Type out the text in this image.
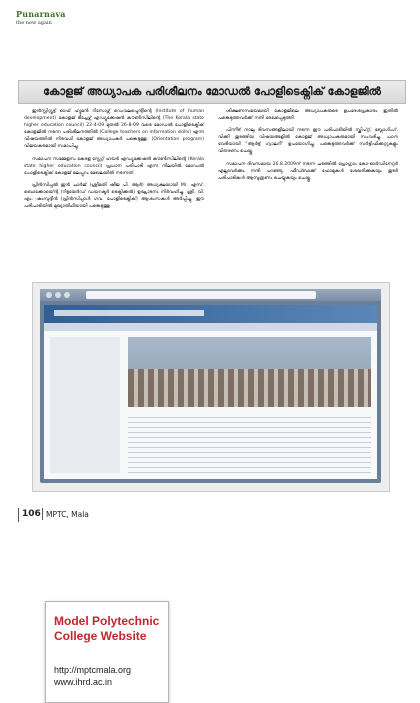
Punarnava
the new again
കോളജ് അധ്യാപക പരിശീലനം മോഡൽ പോളിടെക്നിക് കോളജിൽ

ഇൻസ്റ്റിറ്റ്യൂട്ട് ഓഫ് ഹ്യൂമൻ റിസോഴ്സ് ഡെവലപ്മെന്റിന്റെ (Institute of human development) കോളജ് ടീച്ചേഴ്സ് എഡ്യൂക്കേഷൻ കൗൺസിലിന്റെ (The Kerala state higher education council) 22-4-09 മുതൽ 26-8-09 വരെ മോഡൽ പോളിടെക്നിക് കോളജിൽ നടന്ന പരിശീലനത്തിൽ (College teachers on information skills) എന്ന വിഷയത്തിൽ നിരവധി കോളജ് അധ്യാപകർ പങ്കെടുത്തു. (Orientation program) വിജയകരമായി സമാപിച്ചു.

സമാപന സമ്മേളനം കേരള സ്റ്റേറ്റ് ഹയർ എഡ്യൂക്കേഷൻ കൗൺസിലിന്റെ (Kerala state higher education council) പ്രധാന പരിപാടി എന്ന നിലയിൽ മോഡൽ പോളിടെക്നിക് കോളജ് മലപ്പുറം മേഖലയിൽ നടന്നത്.

പ്രിൻസിപ്പൽ ഇൻ ചാർജ് (ശ്രീമതി ഷീജ പി. ആർ) അധ്യക്ഷയായി Mr. എസ്. ബൊക്കോയ്ന്റെ (റിട്ടയേർഡ് ഡയറക്ടർ ടെക്നിക്കൽ) ഉദ്ഘാടനം നിർവഹിച്ചു. ശ്രീ. വി. എം. ഷംസുദ്ദീൻ (പ്രിൻസിപ്പാൾ ഗവ. പോളിടെക്നിക്) ആശംസകൾ അർപ്പിച്ചു. ഈ പരിപാടിയിൽ മുഖ്യാതിഥിയായി പങ്കെടുത്തു.

ശിക്ഷണസമയമായി കോളജിലെ അധ്യാപകരുടെ ഉപദേശപ്രകാരം ഇതിൽ പങ്കെടുത്തവർക്ക് നന്ദി രേഖപ്പെടുത്തി.

പിന്നീട് നാലു ദിവസങ്ങളിലായി നടന്ന ഈ പരിപാടിയിൽ സ്ക്രിപ്റ്റ്, ബ്ലോഗിംഗ്, വിക്കി തുടങ്ങിയ വിഷയങ്ങളിൽ കോളജ് അധ്യാപകരുമായി സംവദിച്ചു. പഠന വേദിയായി "ആർട്ട് ഗ്യാലറി" ഉപയോഗിച്ചു. പങ്കെടുത്തവർക്ക് സർട്ടിഫിക്കറ്റുകളും വിതരണം ചെയ്തു.

സമാപന ദിവസമായ 26.8.2009ന് നടന്ന ചടങ്ങിൽ പ്രോഗ്രാം കോ-ഓർഡിനേറ്റർ എല്ലാവർക്കും നന്ദി പറഞ്ഞു. ഫീഡ്ബാക്ക് ഫോമുകൾ ശേഖരിക്കുകയും തുടർ പരിപാടികൾ ആസൂത്രണം ചെയ്യുകയും ചെയ്തു.

Model Polytechnic College Website
http://mptcmala.org
www.ihrd.ac.in
106 MPTC, Mala
